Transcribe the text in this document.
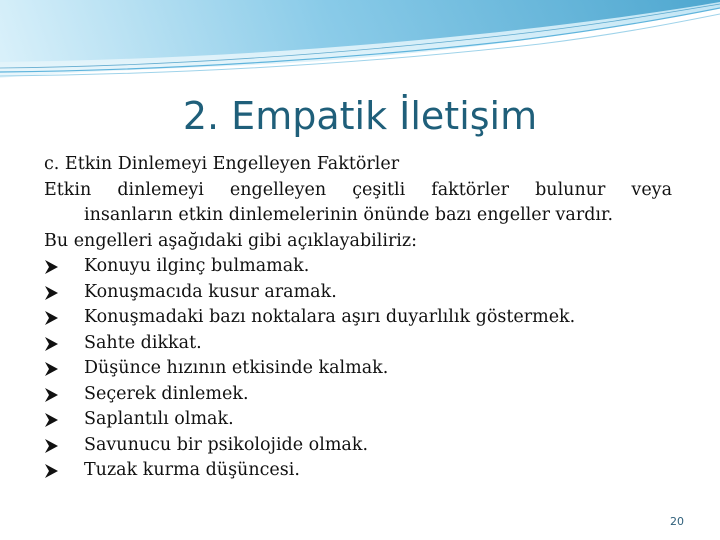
2. Empatik İletişim

c. Etkin Dinlemeyi Engelleyen Faktörler

Etkin dinlemeyi engelleyen çeşitli faktörler bulunur veya

insanların etkin dinlemelerinin önünde bazı engeller vardır.

Bu engelleri aşağıdaki gibi açıklayabiliriz:

Konuyu ilginç bulmamak.
Konuşmacıda kusur aramak.
Konuşmadaki bazı noktalara aşırı duyarlılık göstermek.
Sahte dikkat.
Düşünce hızının etkisinde kalmak.
Seçerek dinlemek.
Saplantılı olmak.
Savunucu bir psikolojide olmak.
Tuzak kurma düşüncesi.
20
